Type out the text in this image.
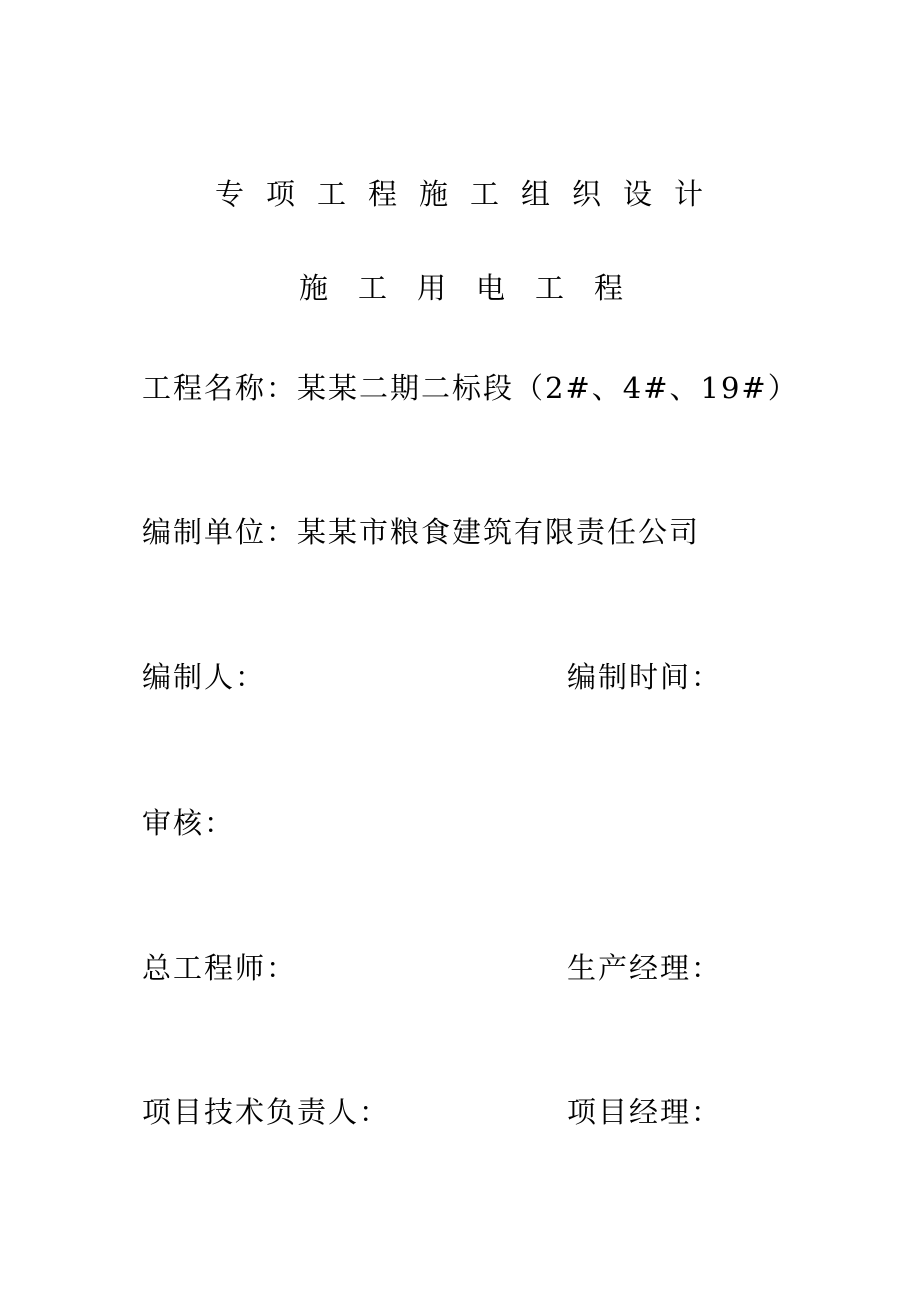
专项工程施工组织设计
施工用电工程
工程名称：某某二期二标段（2#、4#、19#）
编制单位：某某市粮食建筑有限责任公司
编制人：	编制时间：
审核：
总工程师：	生产经理：
项目技术负责人：	项目经理：
